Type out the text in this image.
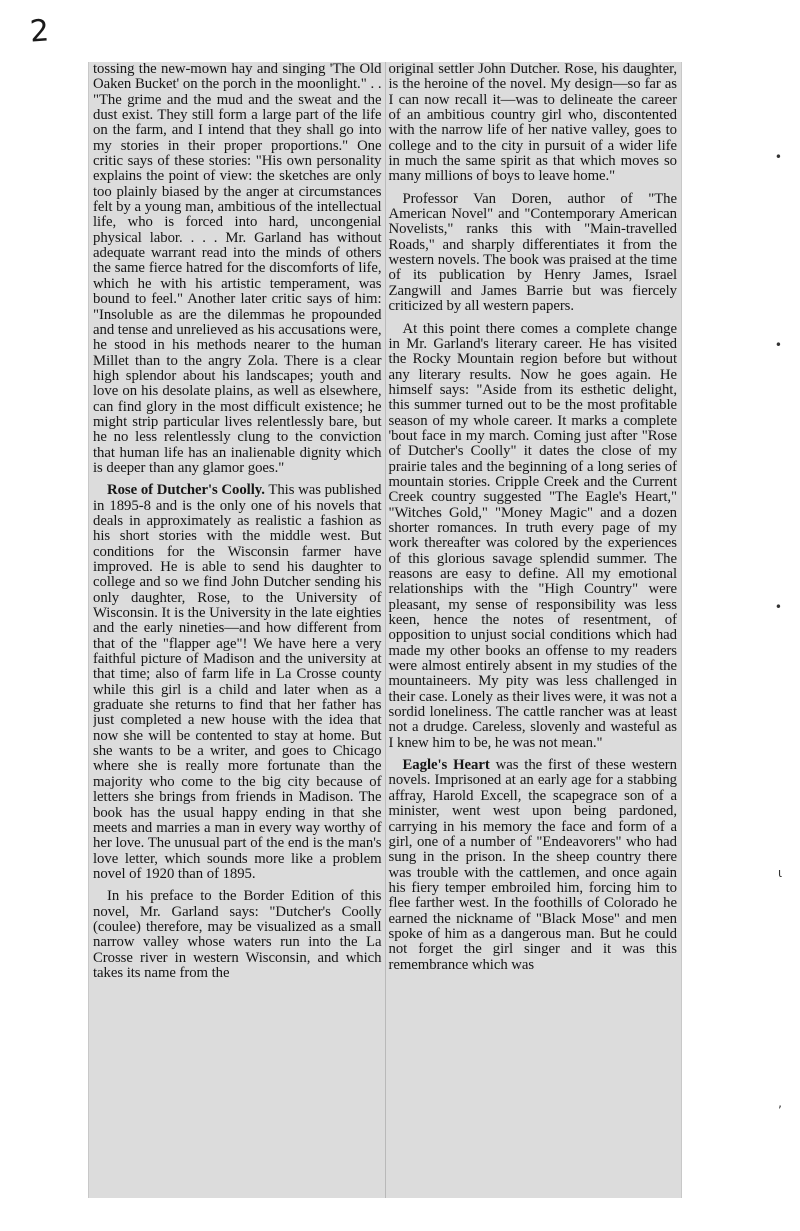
2

tossing the new-mown hay and singing 'The Old Oaken Bucket' on the porch in the moonlight." . . "The grime and the mud and the sweat and the dust exist. They still form a large part of the life on the farm, and I intend that they shall go into my stories in their proper proportions." One critic says of these stories: "His own personality explains the point of view: the sketches are only too plainly biased by the anger at circumstances felt by a young man, ambitious of the intellectual life, who is forced into hard, uncongenial physical labor. . . . Mr. Garland has without adequate warrant read into the minds of others the same fierce hatred for the discomforts of life, which he with his artistic temperament, was bound to feel." Another later critic says of him: "Insoluble as are the dilemmas he propounded and tense and unrelieved as his accusations were, he stood in his methods nearer to the human Millet than to the angry Zola. There is a clear high splendor about his landscapes; youth and love on his desolate plains, as well as elsewhere, can find glory in the most difficult existence; he might strip particular lives relentlessly bare, but he no less relentlessly clung to the conviction that human life has an inalienable dignity which is deeper than any glamor goes."

Rose of Dutcher's Coolly. This was published in 1895-8 and is the only one of his novels that deals in approximately as realistic a fashion as his short stories with the middle west. But conditions for the Wisconsin farmer have improved. He is able to send his daughter to college and so we find John Dutcher sending his only daughter, Rose, to the University of Wisconsin. It is the University in the late eighties and the early nineties—and how different from that of the "flapper age"! We have here a very faithful picture of Madison and the university at that time; also of farm life in La Crosse county while this girl is a child and later when as a graduate she returns to find that her father has just completed a new house with the idea that now she will be contented to stay at home. But she wants to be a writer, and goes to Chicago where she is really more fortunate than the majority who come to the big city because of letters she brings from friends in Madison. The book has the usual happy ending in that she meets and marries a man in every way worthy of her love. The unusual part of the end is the man's love letter, which sounds more like a problem novel of 1920 than of 1895.

In his preface to the Border Edition of this novel, Mr. Garland says: "Dutcher's Coolly (coulee) therefore, may be visualized as a small narrow valley whose waters run into the La Crosse river in western Wisconsin, and which takes its name from the

original settler John Dutcher. Rose, his daughter, is the heroine of the novel. My design—so far as I can now recall it—was to delineate the career of an ambitious country girl who, discontented with the narrow life of her native valley, goes to college and to the city in pursuit of a wider life in much the same spirit as that which moves so many millions of boys to leave home."

Professor Van Doren, author of "The American Novel" and "Contemporary American Novelists," ranks this with "Main-travelled Roads," and sharply differentiates it from the western novels. The book was praised at the time of its publication by Henry James, Israel Zangwill and James Barrie but was fiercely criticized by all western papers.

At this point there comes a complete change in Mr. Garland's literary career. He has visited the Rocky Mountain region before but without any literary results. Now he goes again. He himself says: "Aside from its esthetic delight, this summer turned out to be the most profitable season of my whole career. It marks a complete 'bout face in my march. Coming just after "Rose of Dutcher's Coolly" it dates the close of my prairie tales and the beginning of a long series of mountain stories. Cripple Creek and the Current Creek country suggested "The Eagle's Heart," "Witches Gold," "Money Magic" and a dozen shorter romances. In truth every page of my work thereafter was colored by the experiences of this glorious savage splendid summer. The reasons are easy to define. All my emotional relationships with the "High Country" were pleasant, my sense of responsibility was less keen, hence the notes of resentment, of opposition to unjust social conditions which had made my other books an offense to my readers were almost entirely absent in my studies of the mountaineers. My pity was less challenged in their case. Lonely as their lives were, it was not a sordid loneliness. The cattle rancher was at least not a drudge. Careless, slovenly and wasteful as I knew him to be, he was not mean."

Eagle's Heart was the first of these western novels. Imprisoned at an early age for a stabbing affray, Harold Excell, the scapegrace son of a minister, went west upon being pardoned, carrying in his memory the face and form of a girl, one of a number of "Endeavorers" who had sung in the prison. In the sheep country there was trouble with the cattlemen, and once again his fiery temper embroiled him, forcing him to flee farther west. In the foothills of Colorado he earned the nickname of "Black Mose" and men spoke of him as a dangerous man. But he could not forget the girl singer and it was this remembrance which was

•
•
•
ι
,
